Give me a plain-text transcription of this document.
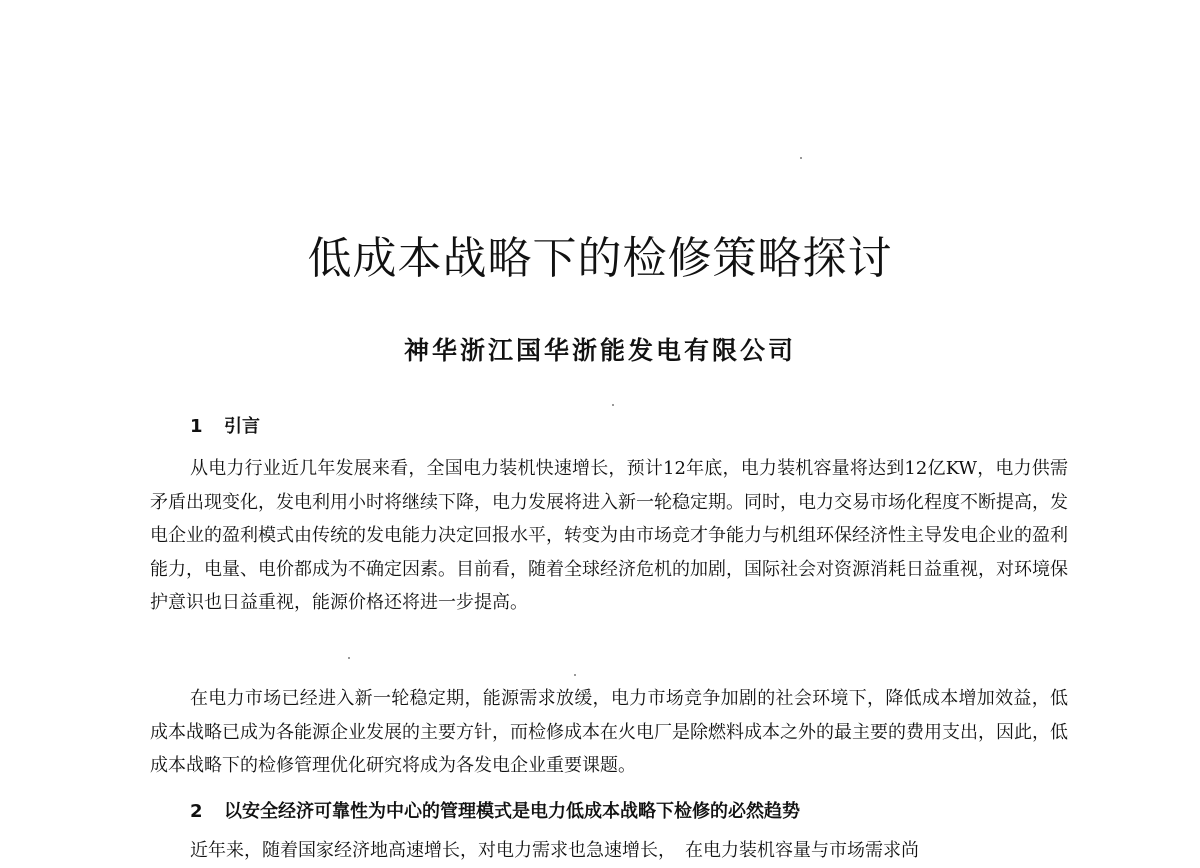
低成本战略下的检修策略探讨
神华浙江国华浙能发电有限公司
1 引言

从电力行业近几年发展来看，全国电力装机快速增长，预计12年底，电力装机容量将达到12亿KW，电力供需矛盾出现变化，发电利用小时将继续下降，电力发展将进入新一轮稳定期。同时，电力交易市场化程度不断提高，发电企业的盈利模式由传统的发电能力决定回报水平，转变为由市场竞才争能力与机组环保经济性主导发电企业的盈利能力，电量、电价都成为不确定因素。目前看，随着全球经济危机的加剧，国际社会对资源消耗日益重视，对环境保护意识也日益重视，能源价格还将进一步提高。

在电力市场已经进入新一轮稳定期，能源需求放缓，电力市场竞争加剧的社会环境下，降低成本增加效益，低成本战略已成为各能源企业发展的主要方针，而检修成本在火电厂是除燃料成本之外的最主要的费用支出，因此，低成本战略下的检修管理优化研究将成为各发电企业重要课题。

2 以安全经济可靠性为中心的管理模式是电力低成本战略下检修的必然趋势

近年来，随着国家经济地高速增长，对电力需求也急速增长，　在电力装机容量与市场需求尚
